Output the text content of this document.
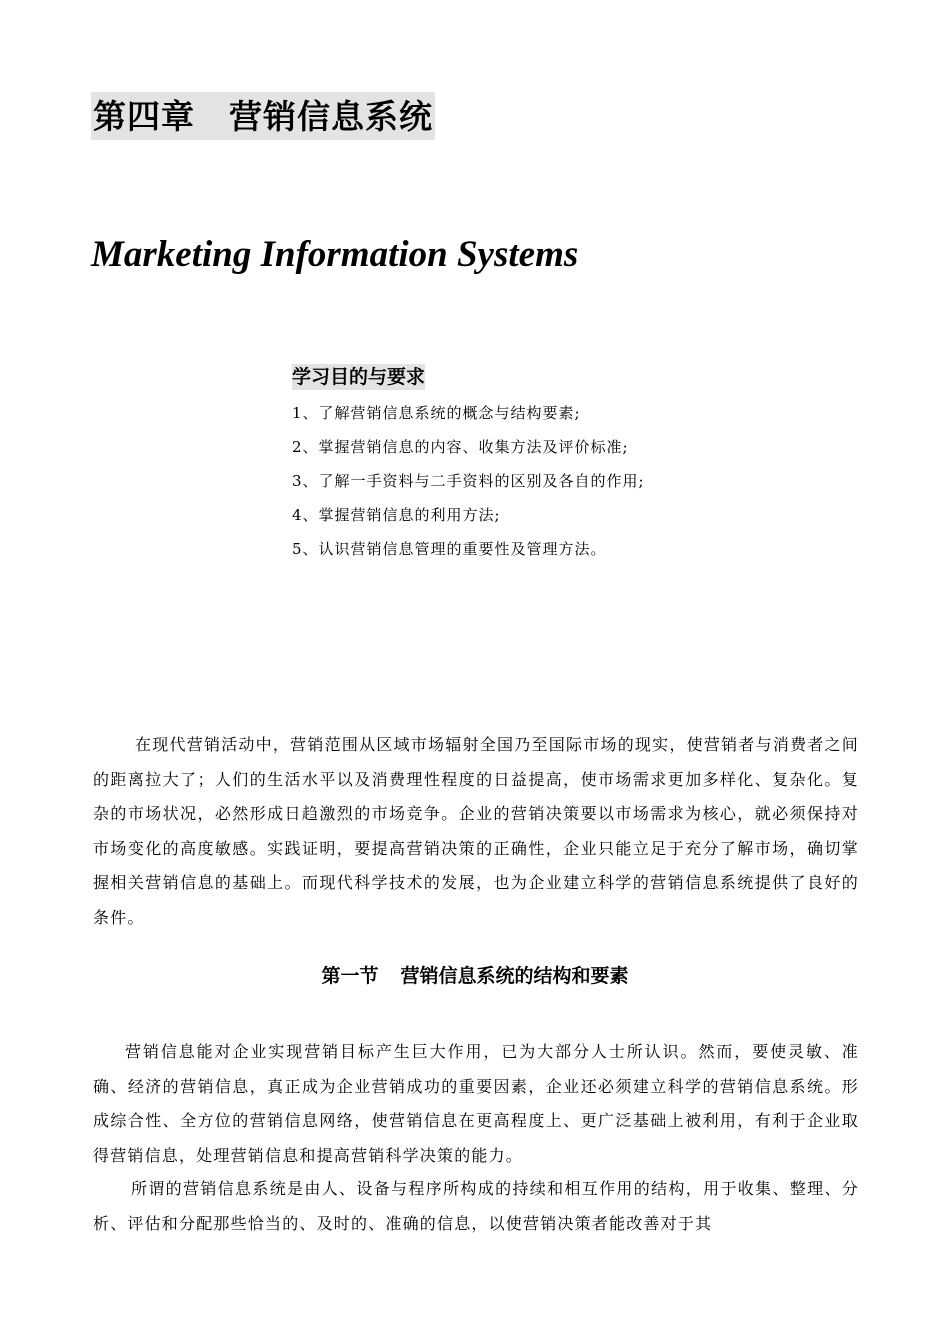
第四章 营销信息系统
Marketing Information Systems
学习目的与要求
1、了解营销信息系统的概念与结构要素;
2、掌握营销信息的内容、收集方法及评价标准;
3、了解一手资料与二手资料的区别及各自的作用;
4、掌握营销信息的利用方法;
5、认识营销信息管理的重要性及管理方法。

在现代营销活动中，营销范围从区域市场辐射全国乃至国际市场的现实，使营销者与消费者之间的距离拉大了；人们的生活水平以及消费理性程度的日益提高，使市场需求更加多样化、复杂化。复杂的市场状况，必然形成日趋激烈的市场竞争。企业的营销决策要以市场需求为核心，就必须保持对市场变化的高度敏感。实践证明，要提高营销决策的正确性，企业只能立足于充分了解市场，确切掌握相关营销信息的基础上。而现代科学技术的发展，也为企业建立科学的营销信息系统提供了良好的条件。

第一节 营销信息系统的结构和要素

营销信息能对企业实现营销目标产生巨大作用，已为大部分人士所认识。然而，要使灵敏、准确、经济的营销信息，真正成为企业营销成功的重要因素，企业还必须建立科学的营销信息系统。形成综合性、全方位的营销信息网络，使营销信息在更高程度上、更广泛基础上被利用，有利于企业取得营销信息，处理营销信息和提高营销科学决策的能力。

所谓的营销信息系统是由人、设备与程序所构成的持续和相互作用的结构，用于收集、整理、分析、评估和分配那些恰当的、及时的、准确的信息，以使营销决策者能改善对于其
